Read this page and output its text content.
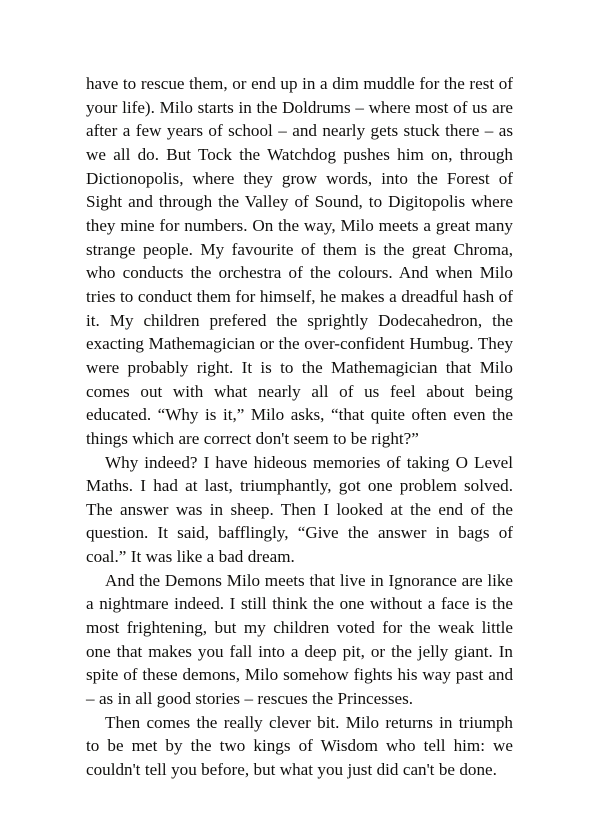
have to rescue them, or end up in a dim muddle for the rest of your life). Milo starts in the Doldrums – where most of us are after a few years of school – and nearly gets stuck there – as we all do. But Tock the Watchdog pushes him on, through Dictionopolis, where they grow words, into the Forest of Sight and through the Valley of Sound, to Digitopolis where they mine for numbers. On the way, Milo meets a great many strange people. My favourite of them is the great Chroma, who conducts the orchestra of the colours. And when Milo tries to conduct them for himself, he makes a dreadful hash of it. My children prefered the sprightly Dodecahedron, the exacting Mathemagician or the over-confident Humbug. They were probably right. It is to the Mathemagician that Milo comes out with what nearly all of us feel about being educated. “Why is it,” Milo asks, “that quite often even the things which are correct don't seem to be right?”

Why indeed? I have hideous memories of taking O Level Maths. I had at last, triumphantly, got one problem solved. The answer was in sheep. Then I looked at the end of the question. It said, bafflingly, “Give the answer in bags of coal.” It was like a bad dream.

And the Demons Milo meets that live in Ignorance are like a nightmare indeed. I still think the one without a face is the most frightening, but my children voted for the weak little one that makes you fall into a deep pit, or the jelly giant. In spite of these demons, Milo somehow fights his way past and – as in all good stories – rescues the Princesses.

Then comes the really clever bit. Milo returns in triumph to be met by the two kings of Wisdom who tell him: we couldn't tell you before, but what you just did can't be done.
